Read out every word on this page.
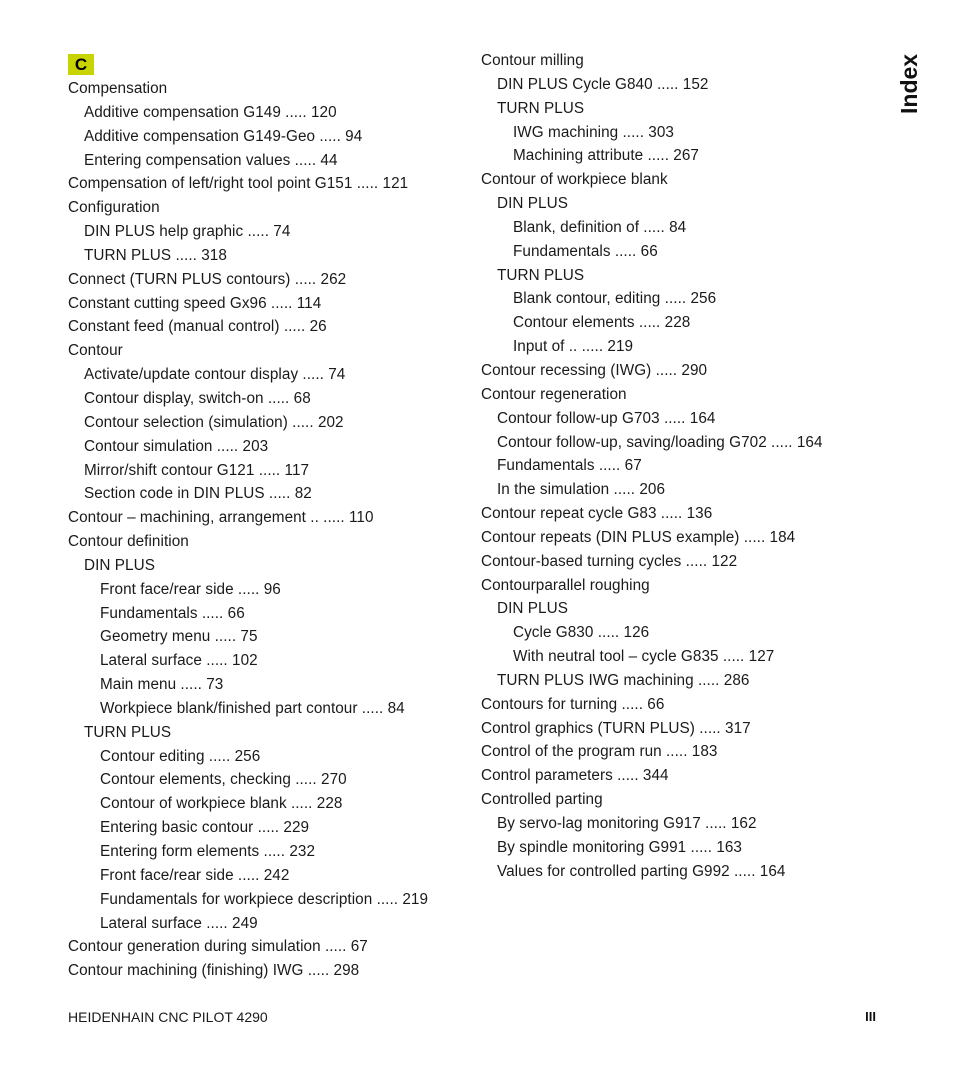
C
Compensation
Additive compensation G149 ..... 120
Additive compensation G149-Geo ..... 94
Entering compensation values ..... 44
Compensation of left/right tool point G151 ..... 121
Configuration
DIN PLUS help graphic ..... 74
TURN PLUS ..... 318
Connect (TURN PLUS contours) ..... 262
Constant cutting speed Gx96 ..... 114
Constant feed (manual control) ..... 26
Contour
Activate/update contour display ..... 74
Contour display, switch-on ..... 68
Contour selection (simulation) ..... 202
Contour simulation ..... 203
Mirror/shift contour G121 ..... 117
Section code in DIN PLUS ..... 82
Contour – machining, arrangement .. ..... 110
Contour definition
DIN PLUS
Front face/rear side ..... 96
Fundamentals ..... 66
Geometry menu ..... 75
Lateral surface ..... 102
Main menu ..... 73
Workpiece blank/finished part contour ..... 84
TURN PLUS
Contour editing ..... 256
Contour elements, checking ..... 270
Contour of workpiece blank ..... 228
Entering basic contour ..... 229
Entering form elements ..... 232
Front face/rear side ..... 242
Fundamentals for workpiece description ..... 219
Lateral surface ..... 249
Contour generation during simulation ..... 67
Contour machining (finishing) IWG ..... 298
Contour milling
DIN PLUS Cycle G840 ..... 152
TURN PLUS
IWG machining ..... 303
Machining attribute ..... 267
Contour of workpiece blank
DIN PLUS
Blank, definition of ..... 84
Fundamentals ..... 66
TURN PLUS
Blank contour, editing ..... 256
Contour elements ..... 228
Input of .. ..... 219
Contour recessing (IWG) ..... 290
Contour regeneration
Contour follow-up G703 ..... 164
Contour follow-up, saving/loading G702 ..... 164
Fundamentals ..... 67
In the simulation ..... 206
Contour repeat cycle G83 ..... 136
Contour repeats (DIN PLUS example) ..... 184
Contour-based turning cycles ..... 122
Contourparallel roughing
DIN PLUS
Cycle G830 ..... 126
With neutral tool – cycle G835 ..... 127
TURN PLUS IWG machining ..... 286
Contours for turning ..... 66
Control graphics (TURN PLUS) ..... 317
Control of the program run ..... 183
Control parameters ..... 344
Controlled parting
By servo-lag monitoring G917 ..... 162
By spindle monitoring G991 ..... 163
Values for controlled parting G992 ..... 164
Index
HEIDENHAIN CNC PILOT 4290	III
